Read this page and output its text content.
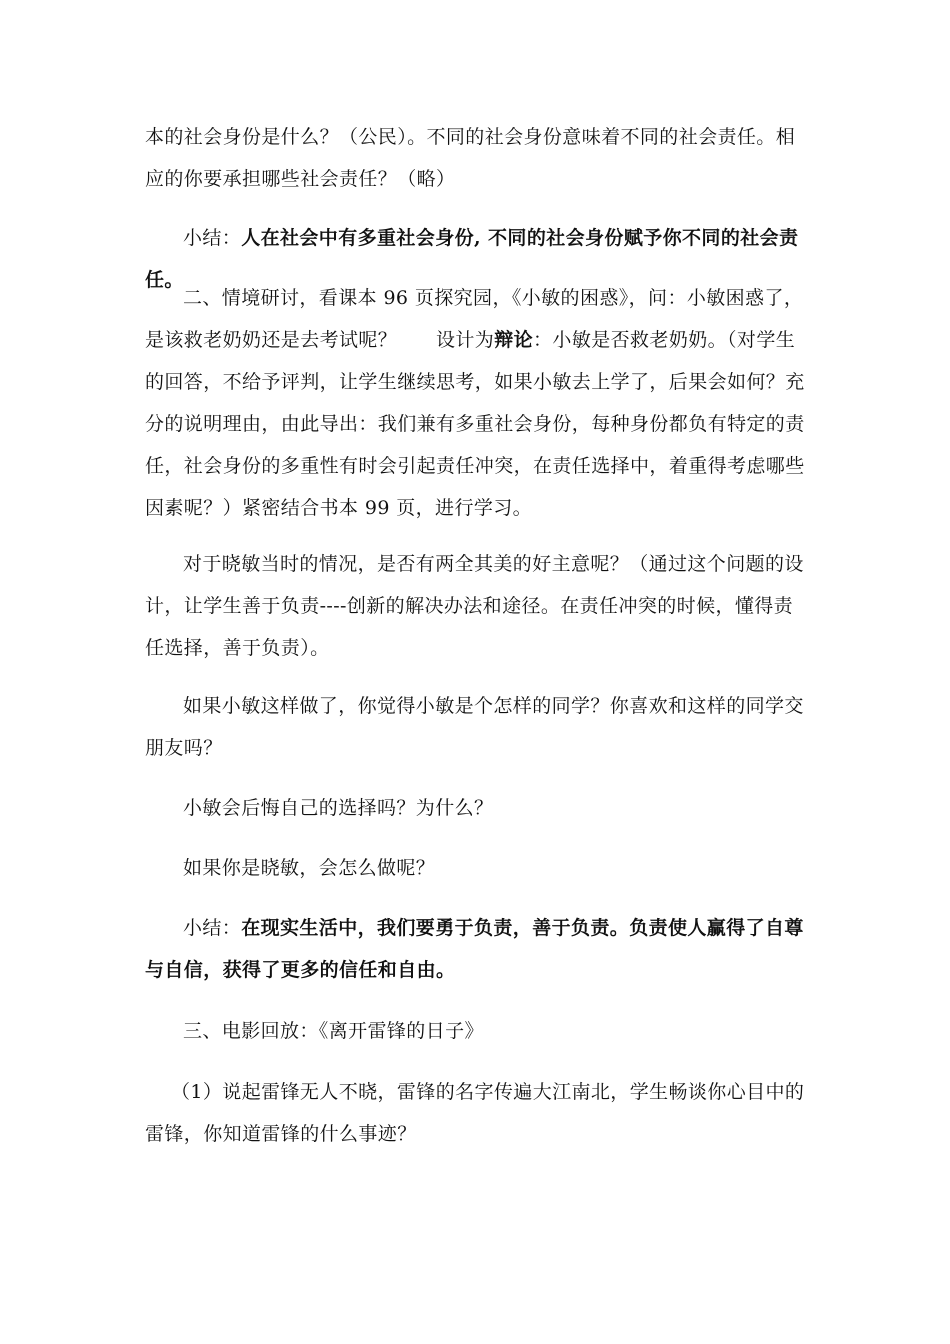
本的社会身份是什么？（公民）。不同的社会身份意味着不同的社会责任。相应的你要承担哪些社会责任？（略）

小结：人在社会中有多重社会身份, 不同的社会身份赋予你不同的社会责任。

二、情境研讨，看课本 96 页探究园，《小敏的困惑》，问：小敏困惑了，是该救老奶奶还是去考试呢？　　设计为辩论：小敏是否救老奶奶。（对学生的回答，不给予评判，让学生继续思考，如果小敏去上学了，后果会如何？充分的说明理由，由此导出：我们兼有多重社会身份，每种身份都负有特定的责任，社会身份的多重性有时会引起责任冲突，在责任选择中，着重得考虑哪些因素呢？）紧密结合书本 99 页，进行学习。

对于晓敏当时的情况，是否有两全其美的好主意呢？（通过这个问题的设计，让学生善于负责----创新的解决办法和途径。在责任冲突的时候，懂得责任选择，善于负责）。

如果小敏这样做了，你觉得小敏是个怎样的同学？你喜欢和这样的同学交朋友吗？

小敏会后悔自己的选择吗？为什么？

如果你是晓敏，会怎么做呢？

小结：在现实生活中，我们要勇于负责，善于负责。负责使人赢得了自尊与自信，获得了更多的信任和自由。

三、电影回放：《离开雷锋的日子》

（1）说起雷锋无人不晓，雷锋的名字传遍大江南北，学生畅谈你心目中的雷锋，你知道雷锋的什么事迹？
